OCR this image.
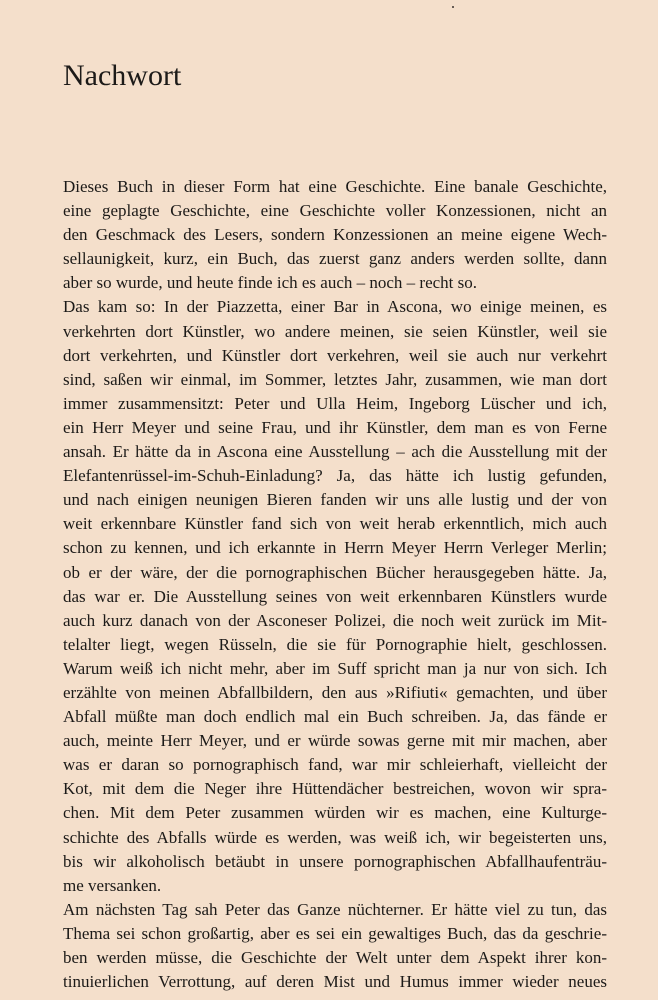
Nachwort
Dieses Buch in dieser Form hat eine Geschichte. Eine banale Geschichte,
eine geplagte Geschichte, eine Geschichte voller Konzessionen, nicht an
den Geschmack des Lesers, sondern Konzessionen an meine eigene Wech-
sellaunigkeit, kurz, ein Buch, das zuerst ganz anders werden sollte, dann
aber so wurde, und heute finde ich es auch – noch – recht so.
Das kam so: In der Piazzetta, einer Bar in Ascona, wo einige meinen, es
verkehrten dort Künstler, wo andere meinen, sie seien Künstler, weil sie
dort verkehrten, und Künstler dort verkehren, weil sie auch nur verkehrt
sind, saßen wir einmal, im Sommer, letztes Jahr, zusammen, wie man dort
immer zusammensitzt: Peter und Ulla Heim, Ingeborg Lüscher und ich,
ein Herr Meyer und seine Frau, und ihr Künstler, dem man es von Ferne
ansah. Er hätte da in Ascona eine Ausstellung – ach die Ausstellung mit der
Elefantenrüssel-im-Schuh-Einladung? Ja, das hätte ich lustig gefunden,
und nach einigen neunigen Bieren fanden wir uns alle lustig und der von
weit erkennbare Künstler fand sich von weit herab erkenntlich, mich auch
schon zu kennen, und ich erkannte in Herrn Meyer Herrn Verleger Merlin;
ob er der wäre, der die pornographischen Bücher herausgegeben hätte. Ja,
das war er. Die Ausstellung seines von weit erkennbaren Künstlers wurde
auch kurz danach von der Asconeser Polizei, die noch weit zurück im Mit-
telalter liegt, wegen Rüsseln, die sie für Pornographie hielt, geschlossen.
Warum weiß ich nicht mehr, aber im Suff spricht man ja nur von sich. Ich
erzählte von meinen Abfallbildern, den aus »Rifiuti« gemachten, und über
Abfall müßte man doch endlich mal ein Buch schreiben. Ja, das fände er
auch, meinte Herr Meyer, und er würde sowas gerne mit mir machen, aber
was er daran so pornographisch fand, war mir schleierhaft, vielleicht der
Kot, mit dem die Neger ihre Hüttendächer bestreichen, wovon wir spra-
chen. Mit dem Peter zusammen würden wir es machen, eine Kulturge-
schichte des Abfalls würde es werden, was weiß ich, wir begeisterten uns,
bis wir alkoholisch betäubt in unsere pornographischen Abfallhaufenträu-
me versanken.
Am nächsten Tag sah Peter das Ganze nüchterner. Er hätte viel zu tun, das
Thema sei schon großartig, aber es sei ein gewaltiges Buch, das da geschrie-
ben werden müsse, die Geschichte der Welt unter dem Aspekt ihrer kon-
tinuierlichen Verrottung, auf deren Mist und Humus immer wieder neues
